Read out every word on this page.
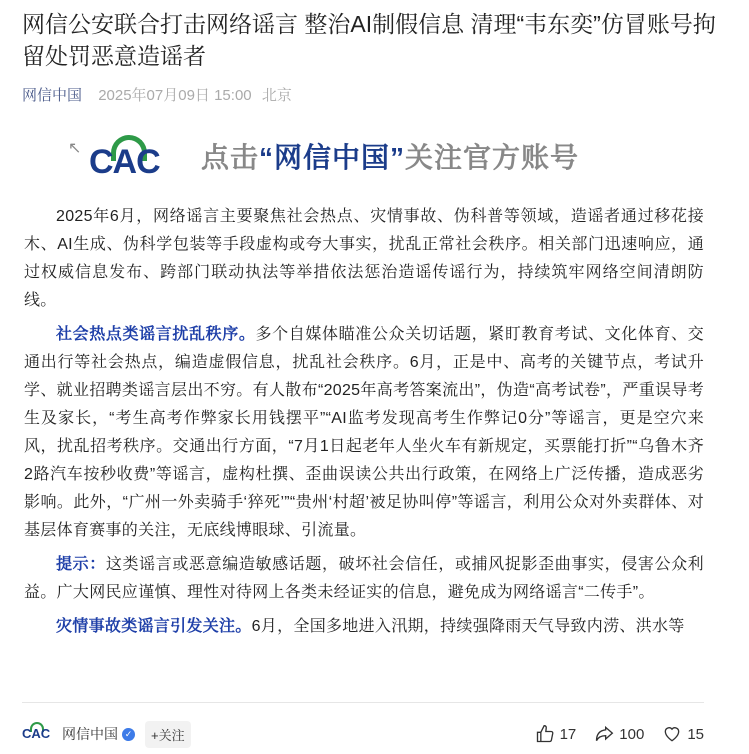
网信公安联合打击网络谣言 整治AI制假信息 清理“韦东奕”仿冒账号拘留处罚恶意造谣者
网信中国 2025年07月09日 15:00 北京
CAC 点击“网信中国”关注官方账号
↖

2025年6月，网络谣言主要聚焦社会热点、灾情事故、伪科普等领域，造谣者通过移花接木、AI生成、伪科学包装等手段虚构或夸大事实，扰乱正常社会秩序。相关部门迅速响应，通过权威信息发布、跨部门联动执法等举措依法惩治造谣传谣行为，持续筑牢网络空间清朗防线。

社会热点类谣言扰乱秩序。多个自媒体瞄准公众关切话题，紧盯教育考试、文化体育、交通出行等社会热点，编造虚假信息，扰乱社会秩序。6月，正是中、高考的关键节点，考试升学、就业招聘类谣言层出不穷。有人散布“2025年高考答案流出”，伪造“高考试卷”，严重误导考生及家长，“考生高考作弊家长用钱摆平”“AI监考发现高考生作弊记0分”等谣言，更是空穴来风，扰乱招考秩序。交通出行方面，“7月1日起老年人坐火车有新规定，买票能打折”“乌鲁木齐2路汽车按秒收费”等谣言，虚构杜撰、歪曲误读公共出行政策，在网络上广泛传播，造成恶劣影响。此外，“广州一外卖骑手‘猝死’”“贵州‘村超’被足协叫停”等谣言，利用公众对外卖群体、对基层体育赛事的关注，无底线博眼球、引流量。

提示：这类谣言或恶意编造敏感话题，破坏社会信任，或捕风捉影歪曲事实，侵害公众利益。广大网民应谨慎、理性对待网上各类未经证实的信息，避免成为网络谣言“二传手”。

灾情事故类谣言引发关注。6月，全国多地进入汛期，持续强降雨天气导致内涝、洪水等

CAC 网信中国 ✓	+关注	17	100	15
